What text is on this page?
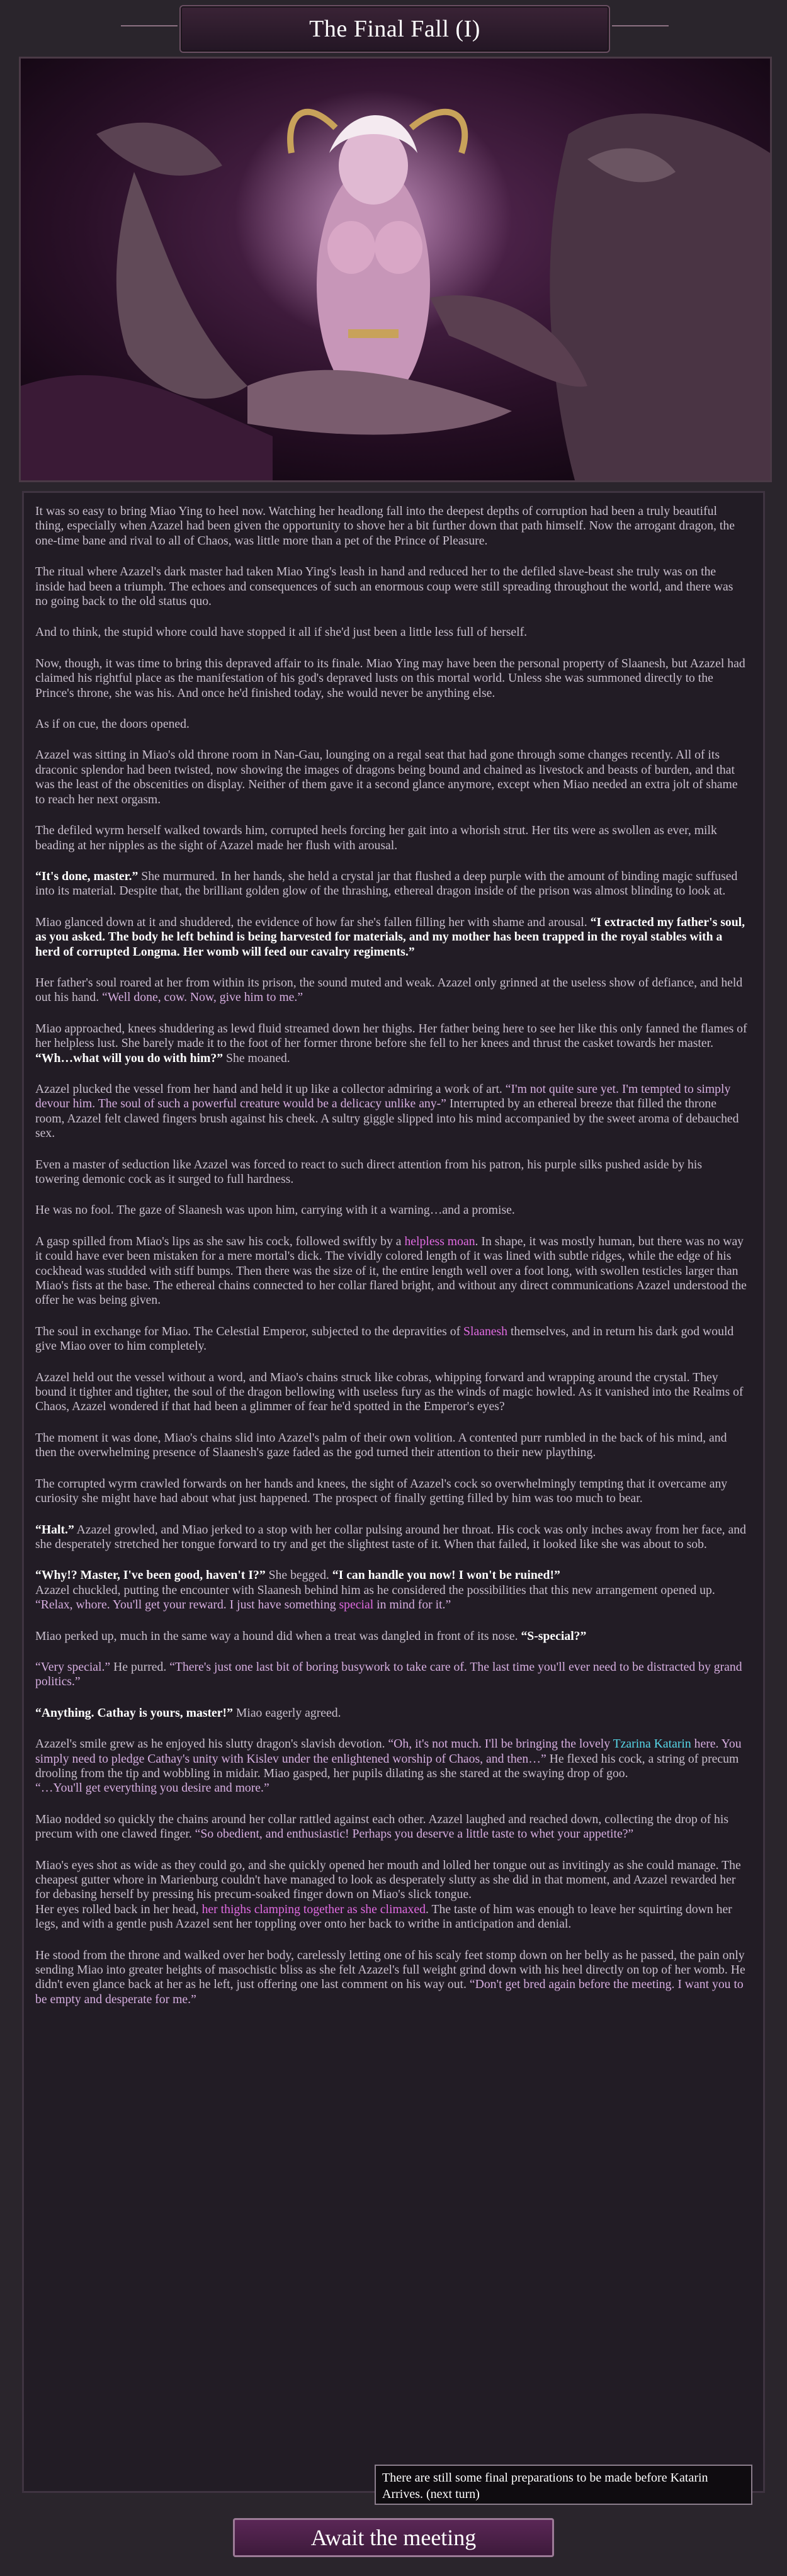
The Final Fall (I)

It was so easy to bring Miao Ying to heel now. Watching her headlong fall into the deepest depths of corruption had been a truly beautiful thing, especially when Azazel had been given the opportunity to shove her a bit further down that path himself. Now the arrogant dragon, the one-time bane and rival to all of Chaos, was little more than a pet of the Prince of Pleasure.

The ritual where Azazel's dark master had taken Miao Ying's leash in hand and reduced her to the defiled slave-beast she truly was on the inside had been a triumph. The echoes and consequences of such an enormous coup were still spreading throughout the world, and there was no going back to the old status quo.

And to think, the stupid whore could have stopped it all if she'd just been a little less full of herself.

Now, though, it was time to bring this depraved affair to its finale. Miao Ying may have been the personal property of Slaanesh, but Azazel had claimed his rightful place as the manifestation of his god's depraved lusts on this mortal world. Unless she was summoned directly to the Prince's throne, she was his. And once he'd finished today, she would never be anything else.

As if on cue, the doors opened.

Azazel was sitting in Miao's old throne room in Nan-Gau, lounging on a regal seat that had gone through some changes recently. All of its draconic splendor had been twisted, now showing the images of dragons being bound and chained as livestock and beasts of burden, and that was the least of the obscenities on display. Neither of them gave it a second glance anymore, except when Miao needed an extra jolt of shame to reach her next orgasm.

The defiled wyrm herself walked towards him, corrupted heels forcing her gait into a whorish strut. Her tits were as swollen as ever, milk beading at her nipples as the sight of Azazel made her flush with arousal.

“It's done, master.” She murmured. In her hands, she held a crystal jar that flushed a deep purple with the amount of binding magic suffused into its material. Despite that, the brilliant golden glow of the thrashing, ethereal dragon inside of the prison was almost blinding to look at.

Miao glanced down at it and shuddered, the evidence of how far she's fallen filling her with shame and arousal. “I extracted my father's soul, as you asked. The body he left behind is being harvested for materials, and my mother has been trapped in the royal stables with a herd of corrupted Longma. Her womb will feed our cavalry regiments.”

Her father's soul roared at her from within its prison, the sound muted and weak. Azazel only grinned at the useless show of defiance, and held out his hand. “Well done, cow. Now, give him to me.”

Miao approached, knees shuddering as lewd fluid streamed down her thighs. Her father being here to see her like this only fanned the flames of her helpless lust. She barely made it to the foot of her former throne before she fell to her knees and thrust the casket towards her master. “Wh…what will you do with him?” She moaned.

Azazel plucked the vessel from her hand and held it up like a collector admiring a work of art. “I'm not quite sure yet. I'm tempted to simply devour him. The soul of such a powerful creature would be a delicacy unlike any-” Interrupted by an ethereal breeze that filled the throne room, Azazel felt clawed fingers brush against his cheek. A sultry giggle slipped into his mind accompanied by the sweet aroma of debauched sex.

Even a master of seduction like Azazel was forced to react to such direct attention from his patron, his purple silks pushed aside by his towering demonic cock as it surged to full hardness.

He was no fool. The gaze of Slaanesh was upon him, carrying with it a warning…and a promise.

A gasp spilled from Miao's lips as she saw his cock, followed swiftly by a helpless moan. In shape, it was mostly human, but there was no way it could have ever been mistaken for a mere mortal's dick. The vividly colored length of it was lined with subtle ridges, while the edge of his cockhead was studded with stiff bumps. Then there was the size of it, the entire length well over a foot long, with swollen testicles larger than Miao's fists at the base. The ethereal chains connected to her collar flared bright, and without any direct communications Azazel understood the offer he was being given.

The soul in exchange for Miao. The Celestial Emperor, subjected to the depravities of Slaanesh themselves, and in return his dark god would give Miao over to him completely.

Azazel held out the vessel without a word, and Miao's chains struck like cobras, whipping forward and wrapping around the crystal. They bound it tighter and tighter, the soul of the dragon bellowing with useless fury as the winds of magic howled. As it vanished into the Realms of Chaos, Azazel wondered if that had been a glimmer of fear he'd spotted in the Emperor's eyes?

The moment it was done, Miao's chains slid into Azazel's palm of their own volition. A contented purr rumbled in the back of his mind, and then the overwhelming presence of Slaanesh's gaze faded as the god turned their attention to their new plaything.

The corrupted wyrm crawled forwards on her hands and knees, the sight of Azazel's cock so overwhelmingly tempting that it overcame any curiosity she might have had about what just happened. The prospect of finally getting filled by him was too much to bear.

“Halt.” Azazel growled, and Miao jerked to a stop with her collar pulsing around her throat. His cock was only inches away from her face, and she desperately stretched her tongue forward to try and get the slightest taste of it. When that failed, it looked like she was about to sob.

“Why!? Master, I've been good, haven't I?” She begged. “I can handle you now! I won't be ruined!”
Azazel chuckled, putting the encounter with Slaanesh behind him as he considered the possibilities that this new arrangement opened up. “Relax, whore. You'll get your reward. I just have something special in mind for it.”

Miao perked up, much in the same way a hound did when a treat was dangled in front of its nose. “S-special?”

“Very special.” He purred. “There's just one last bit of boring busywork to take care of. The last time you'll ever need to be distracted by grand politics.”

“Anything. Cathay is yours, master!” Miao eagerly agreed.

Azazel's smile grew as he enjoyed his slutty dragon's slavish devotion. “Oh, it's not much. I'll be bringing the lovely Tzarina Katarin here. You simply need to pledge Cathay's unity with Kislev under the enlightened worship of Chaos, and then…” He flexed his cock, a string of precum drooling from the tip and wobbling in midair. Miao gasped, her pupils dilating as she stared at the swaying drop of goo.
“…You'll get everything you desire and more.”

Miao nodded so quickly the chains around her collar rattled against each other. Azazel laughed and reached down, collecting the drop of his precum with one clawed finger. “So obedient, and enthusiastic! Perhaps you deserve a little taste to whet your appetite?”

Miao's eyes shot as wide as they could go, and she quickly opened her mouth and lolled her tongue out as invitingly as she could manage. The cheapest gutter whore in Marienburg couldn't have managed to look as desperately slutty as she did in that moment, and Azazel rewarded her for debasing herself by pressing his precum-soaked finger down on Miao's slick tongue.
Her eyes rolled back in her head, her thighs clamping together as she climaxed. The taste of him was enough to leave her squirting down her legs, and with a gentle push Azazel sent her toppling over onto her back to writhe in anticipation and denial.

He stood from the throne and walked over her body, carelessly letting one of his scaly feet stomp down on her belly as he passed, the pain only sending Miao into greater heights of masochistic bliss as she felt Azazel's full weight grind down with his heel directly on top of her womb. He didn't even glance back at her as he left, just offering one last comment on his way out. “Don't get bred again before the meeting. I want you to be empty and desperate for me.”

There are still some final preparations to be made before Katarin Arrives. (next turn)
Await the meeting
